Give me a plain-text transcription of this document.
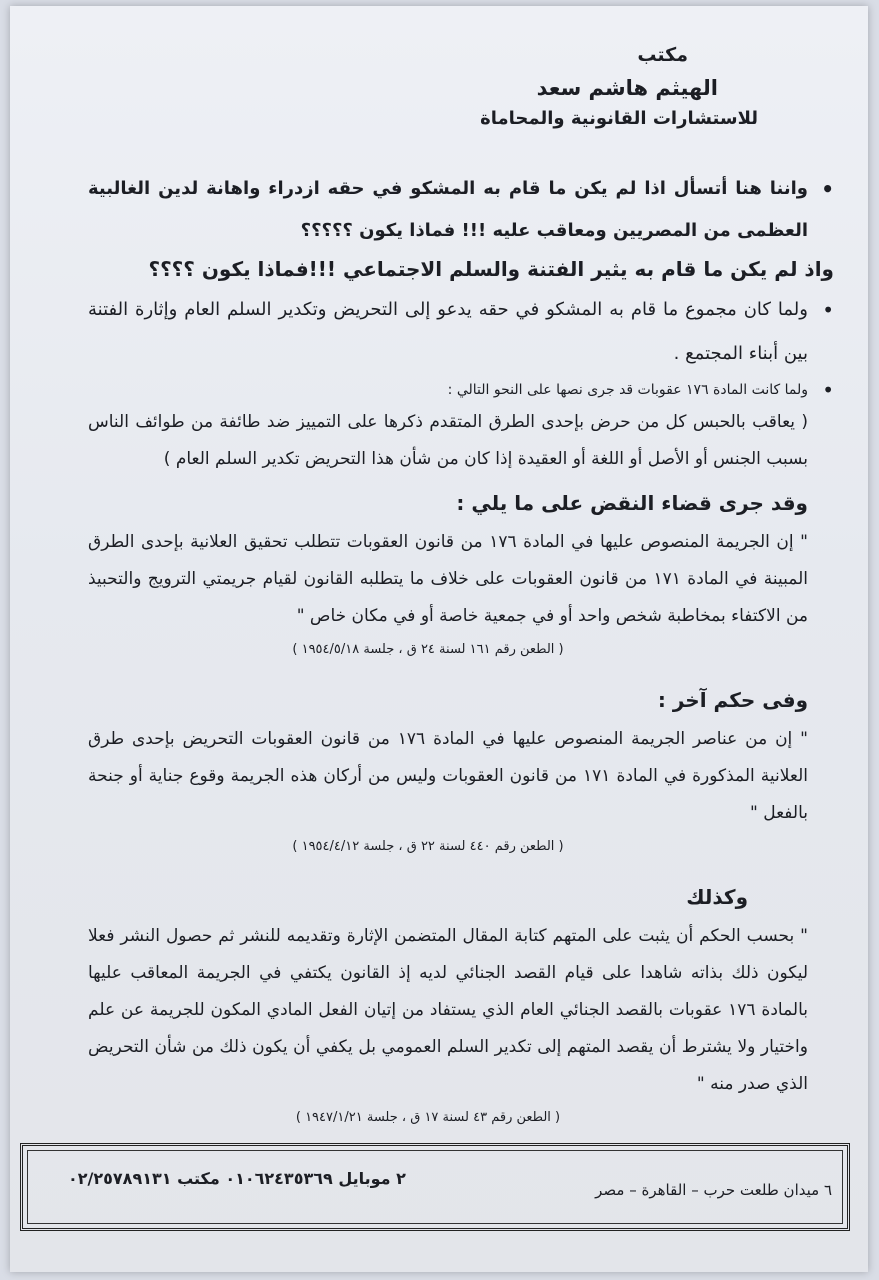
مكتب
الهيثم هاشم سعد
للاستشارات القانونية والمحاماة
• واننا هنا أتسأل اذا لم يكن ما قام به المشكو في حقه ازدراء واهانة لدين الغالبية العظمى من المصريين ومعاقب عليه !!! فماذا يكون ؟؟؟؟؟
واذ لم يكن ما قام به يثير الفتنة والسلم الاجتماعي !!!فماذا يكون ؟؟؟؟
• ولما كان مجموع ما قام به المشكو في حقه يدعو إلى التحريض وتكدير السلم العام وإثارة الفتنة بين أبناء المجتمع .
• ولما كانت المادة ١٧٦ عقوبات قد جرى نصها على النحو التالي :
( يعاقب بالحبس كل من حرض بإحدى الطرق المتقدم ذكرها على التمييز ضد طائفة من طوائف الناس بسبب الجنس أو الأصل أو اللغة أو العقيدة إذا كان من شأن هذا التحريض تكدير السلم العام )
وقد جرى قضاء النقض على ما يلي :
" إن الجريمة المنصوص عليها في المادة ١٧٦ من قانون العقوبات تتطلب تحقيق العلانية بإحدى الطرق المبينة في المادة ١٧١ من قانون العقوبات على خلاف ما يتطلبه القانون لقيام جريمتي الترويج والتحبيذ من الاكتفاء بمخاطبة شخص واحد أو في جمعية خاصة أو في مكان خاص "
( الطعن رقم ١٦١ لسنة ٢٤ ق ، جلسة ١٩٥٤/٥/١٨ )
وفى حكم آخر :
" إن من عناصر الجريمة المنصوص عليها في المادة ١٧٦ من قانون العقوبات التحريض بإحدى طرق العلانية المذكورة في المادة ١٧١ من قانون العقوبات وليس من أركان هذه الجريمة وقوع جناية أو جنحة بالفعل "
( الطعن رقم ٤٤٠ لسنة ٢٢ ق ، جلسة ١٩٥٤/٤/١٢ )
وكذلك
" بحسب الحكم أن يثبت على المتهم كتابة المقال المتضمن الإثارة وتقديمه للنشر ثم حصول النشر فعلا ليكون ذلك بذاته شاهدا على قيام القصد الجنائي لديه إذ القانون يكتفي في الجريمة المعاقب عليها بالمادة ١٧٦ عقوبات بالقصد الجنائي العام الذي يستفاد من إتيان الفعل المادي المكون للجريمة عن علم واختيار ولا يشترط أن يقصد المتهم إلى تكدير السلم العمومي بل يكفي أن يكون ذلك من شأن التحريض الذي صدر منه "
( الطعن رقم ٤٣ لسنة ١٧ ق ، جلسة ١٩٤٧/١/٢١ )
٢ موبايل ٠١٠٦٢٤٣٥٣٦٩ مكتب ٠٢/٢٥٧٨٩١٣١
٦ ميدان طلعت حرب – القاهرة – مصر
